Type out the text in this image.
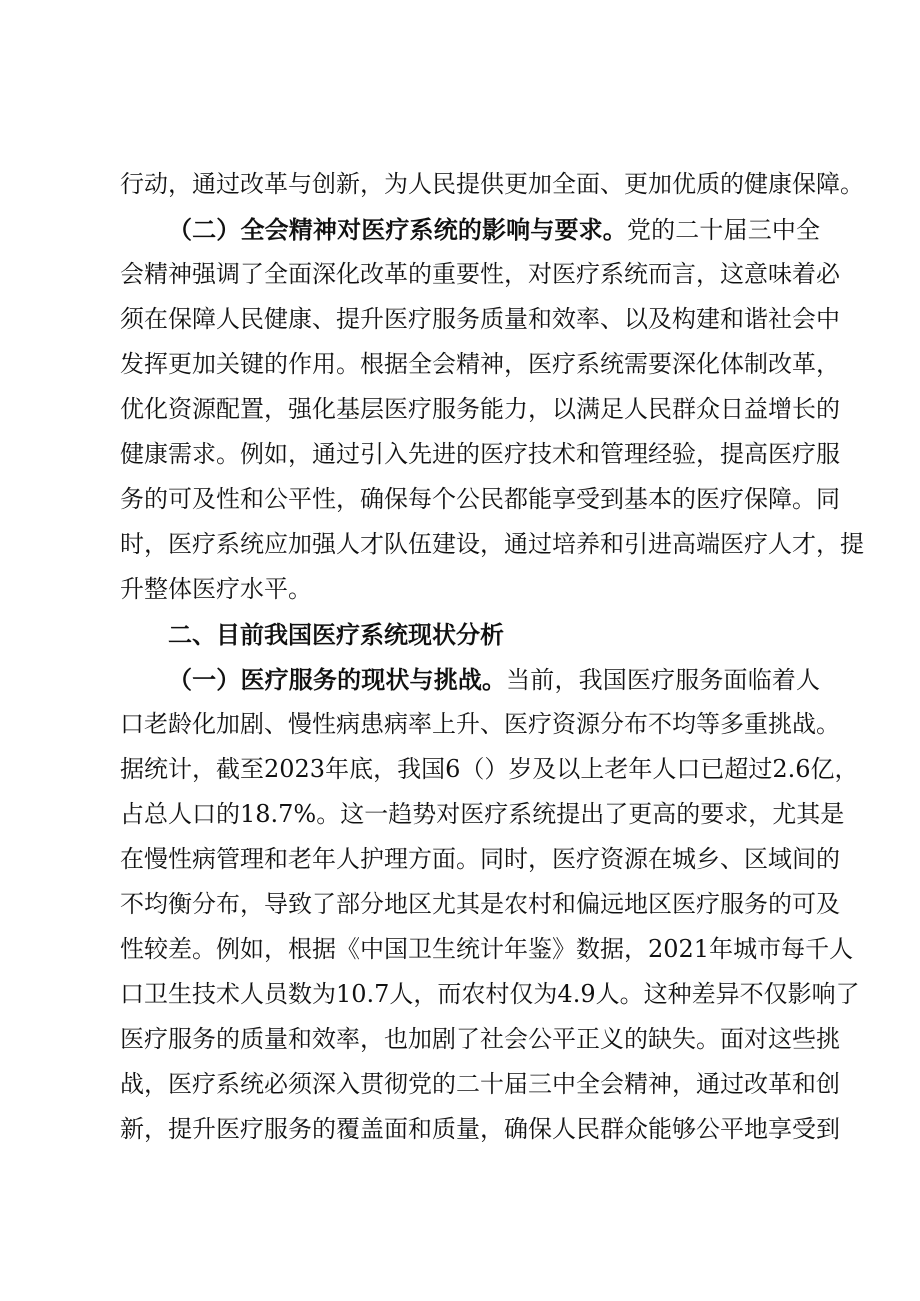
行动，通过改革与创新，为人民提供更加全面、更加优质的健康保障。
（二）全会精神对医疗系统的影响与要求。党的二十届三中全
会精神强调了全面深化改革的重要性，对医疗系统而言，这意味着必
须在保障人民健康、提升医疗服务质量和效率、以及构建和谐社会中
发挥更加关键的作用。根据全会精神，医疗系统需要深化体制改革，
优化资源配置，强化基层医疗服务能力，以满足人民群众日益增长的
健康需求。例如，通过引入先进的医疗技术和管理经验，提高医疗服
务的可及性和公平性，确保每个公民都能享受到基本的医疗保障。同
时，医疗系统应加强人才队伍建设，通过培养和引进高端医疗人才，提
升整体医疗水平。
二、目前我国医疗系统现状分析
（一）医疗服务的现状与挑战。当前，我国医疗服务面临着人
口老龄化加剧、慢性病患病率上升、医疗资源分布不均等多重挑战。
据统计，截至2023年底，我国6（）岁及以上老年人口已超过2.6亿，
占总人口的18.7%。这一趋势对医疗系统提出了更高的要求，尤其是
在慢性病管理和老年人护理方面。同时，医疗资源在城乡、区域间的
不均衡分布，导致了部分地区尤其是农村和偏远地区医疗服务的可及
性较差。例如，根据《中国卫生统计年鉴》数据，2021年城市每千人
口卫生技术人员数为10.7人，而农村仅为4.9人。这种差异不仅影响了
医疗服务的质量和效率，也加剧了社会公平正义的缺失。面对这些挑
战，医疗系统必须深入贯彻党的二十届三中全会精神，通过改革和创
新，提升医疗服务的覆盖面和质量，确保人民群众能够公平地享受到
